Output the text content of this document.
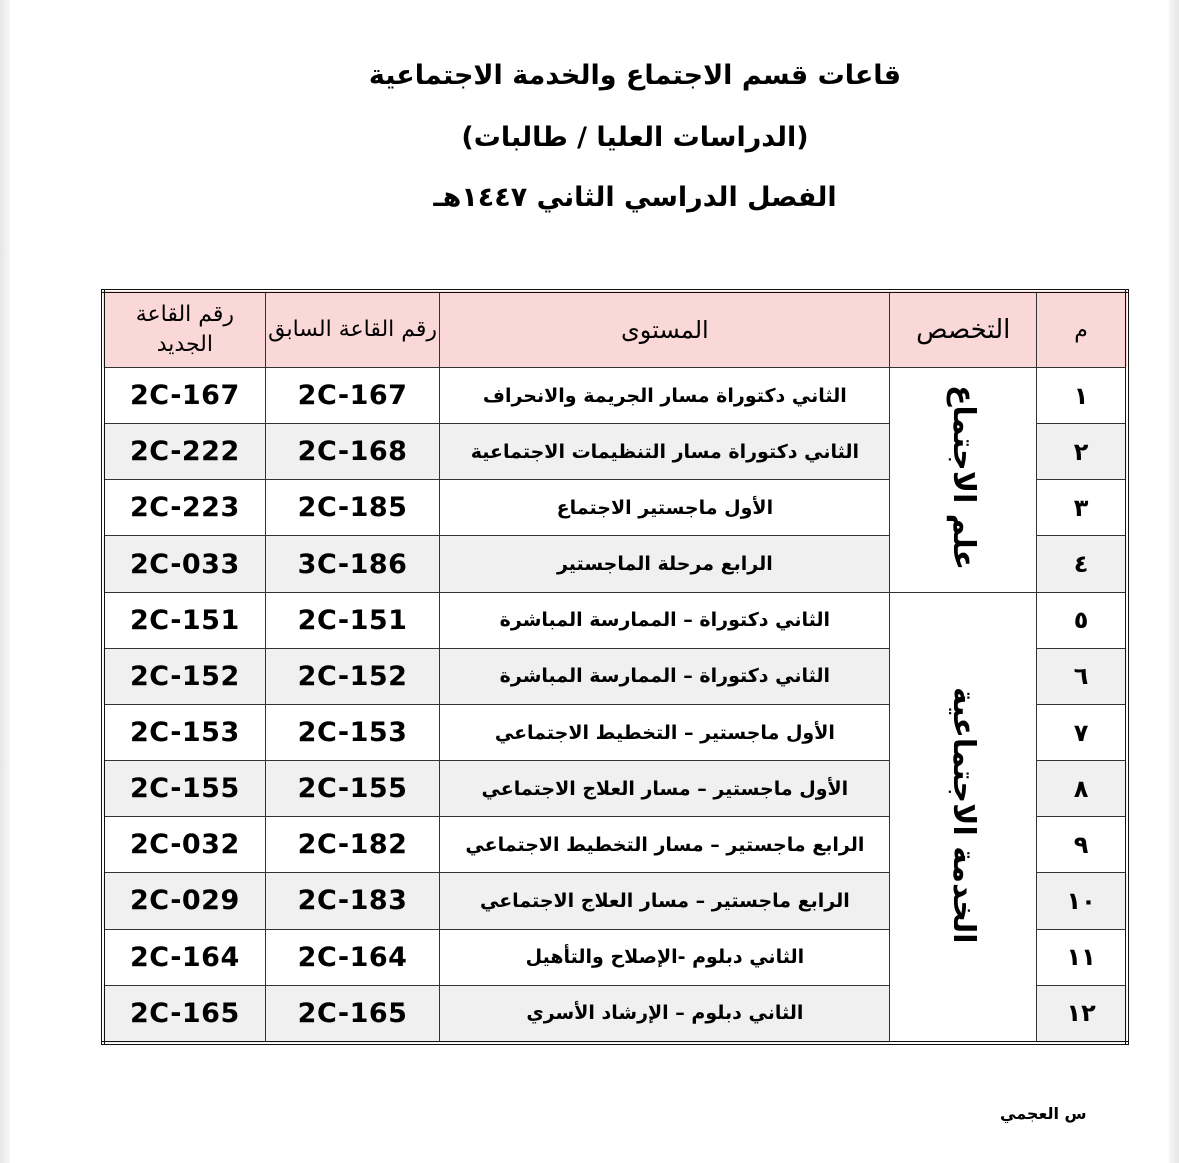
قاعات قسم الاجتماع والخدمة الاجتماعية
(الدراسات العليا / طالبات)
الفصل الدراسي الثاني ١٤٤٧هـ
م	التخصص	المستوى	رقم القاعة السابق	رقم القاعة الجديد
١	علم الاجتماع	الثاني دكتوراة مسار الجريمة والانحراف	2C-167	2C-167
٢		الثاني دكتوراة مسار التنظيمات الاجتماعية	2C-168	2C-222
٣		الأول ماجستير الاجتماع	2C-185	2C-223
٤		الرابع مرحلة الماجستير	3C-186	2C-033
٥	الخدمة الاجتماعية	الثاني دكتوراة – الممارسة المباشرة	2C-151	2C-151
٦		الثاني دكتوراة – الممارسة المباشرة	2C-152	2C-152
٧		الأول ماجستير – التخطيط الاجتماعي	2C-153	2C-153
٨		الأول ماجستير – مسار العلاج الاجتماعي	2C-155	2C-155
٩		الرابع ماجستير – مسار التخطيط الاجتماعي	2C-182	2C-032
١٠		الرابع ماجستير – مسار العلاج الاجتماعي	2C-183	2C-029
١١		الثاني دبلوم -الإصلاح والتأهيل	2C-164	2C-164
١٢		الثاني دبلوم – الإرشاد الأسري	2C-165	2C-165
س العجمي
